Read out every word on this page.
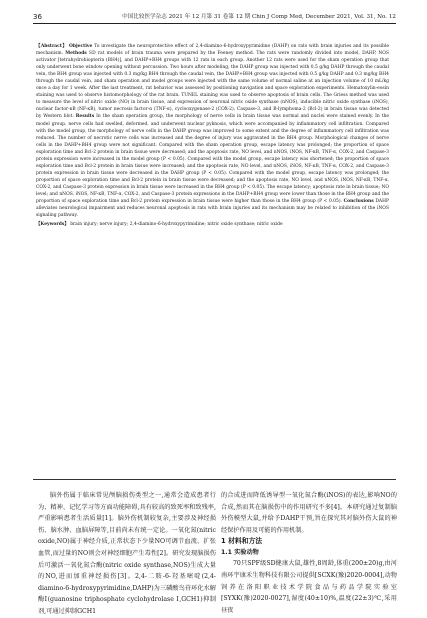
36	中国比较医学杂志 2021 年 12 月第 31 卷第 12 期 Chin J Comp Med, December 2021, Vol. 31, No. 12

【Abstract】 Objective To investigate the neuroprotective effect of 2,4-diamino-6-hydroxypyrimidine (DAHP) on rats with brain injuries and its possible mechanism. Methods SD rat models of brain trauma were prepared by the Feeney method. The rats were randomly divided into model, DAHP, NOS activator [tetrahydrobiopterin (BH4)], and DAHP+BH4 groups with 12 rats in each group. Another 12 rats were used for the sham operation group that only underwent bone window opening without percussion. Two hours after modeling, the DAHP group was injected with 0.5 g/kg DAHP through the caudal vein, the BH4 group was injected with 0.3 mg/kg BH4 through the caudal vein, the DAHP+BH4 group was injected with 0.5 g/kg DAHP and 0.3 mg/kg BH4 through the caudal vein, and sham operation and model groups were injected with the same volume of normal saline at an injection volume of 10 mL/kg once a day for 1 week. After the last treatment, rat behavior was assessed by positioning navigation and space exploration experiments. Hematoxylin-eosin staining was used to observe histomorphology of the rat brain. TUNEL staining was used to observe apoptosis of brain cells. The Griess method was used to measure the level of nitric oxide (NO) in brain tissue, and expression of neuronal nitric oxide synthase (nNOS), inducible nitric oxide synthase (iNOS), nuclear factor-κB (NF-κB), tumor necrosis factor-α (TNF-α), cyclooxygenase-2 (COX-2), Caspase-3, and B-lymphoma-2 (Bcl-2) in brain tissue was detected by Western blot. Results In the sham operation group, the morphology of nerve cells in brain tissue was normal and nuclei were stained evenly. In the model group, nerve cells had swelled, deformed, and underwent nuclear pyknosis, which were accompanied by inflammatory cell infiltration. Compared with the model group, the morphology of nerve cells in the DAHP group was improved to some extent and the degree of inflammatory cell infiltration was reduced. The number of necrotic nerve cells was increased and the degree of injury was aggravated in the BH4 group. Morphological changes of nerve cells in the DAHP+BH4 group were not significant. Compared with the sham operation group, escape latency was prolonged; the proportion of space exploration time and Bcl-2 protein in brain tissue were decreased; and the apoptosis rate, NO level, and nNOS, iNOS, NF-κB, TNF-α, COX-2, and Caspase-3 protein expression were increased in the model group (P < 0.05). Compared with the model group, escape latency was shortened; the proportion of space exploration time and Bcl-2 protein in brain tissue were increased; and the apoptosis rate, NO level, and nNOS, iNOS, NF-κB, TNF-α, COX-2, and Caspase-3 protein expression in brain tissue were decreased in the DAHP group (P < 0.05). Compared with the model group, escape latency was prolonged; the proportion of space exploration time and Bcl-2 protein in brain tissue were decreased; and the apoptosis rate, NO level, and nNOS, iNOS, NF-κB, TNF-α, COX-2, and Caspase-3 protein expression in brain tissue were increased in the BH4 group (P < 0.05). The escape latency; apoptosis rate in brain tissue; NO level; and nNOS, iNOS, NF-κB, TNF-α, COX-2, and Caspase-3 protein expressions in the DAHP+BH4 group were lower than those in the BH4 group and the proportion of space exploration time and Bcl-2 protein expression in brain tissue were higher than those in the BH4 group (P < 0.05). Conclusions DAHP alleviates neurological impairment and reduces neuronal apoptosis in rats with brain injuries and its mechanism may be related to inhibition of the iNOS signaling pathway.

【Keywords】 brain injury; nerve injury; 2,4-diamino-6-hydroxypyrimidine; nitric oxide synthase; nitric oxide

脑外伤属于临床常见颅脑损伤类型之一,通常会造成患者行为、精神、记忆学习等方面功能障碍,具有较高的致死率和致残率,严重影响患者生活质量[1]。脑外伤机制较复杂,主要涉及神经损伤、脑水肿、血脑屏障等,目前尚未有统一定论。一氧化氮(nitric oxide,NO)属于神经介质,正常状态下少量NO可调节血流、扩张血管,而过量的NO则会对神经细胞产生毒性[2]。研究发现脑损伤后可激活一氧化氮合酶(nitric oxide synthase,NOS)生成大量的NO,进而加重神经损伤[3]。2,4-二胺-6-羟基嘧啶(2,4-diamino-6-hydroxypyrimidine,DAHP)为三磷酸鸟苷环化水解酶Ⅰ(guanosine triphosphate cyclohydrolase Ⅰ,GCH1)抑制剂,可通过抑制GCH1

的合成进而降低诱导型一氧化氮合酶(iNOS)的表达,影响NO的合成,然而其在脑损伤中的作用研究不多[4]。本研究通过复制脑外伤模型大鼠,并给予DAHP干预,旨在探究其对脑外伤大鼠的神经保护作用及可能的作用机制。

1 材料和方法
1.1 实验动物

70只SPF级SD健康大鼠,雄性,8周龄,体重(200±20)g,由河南环宇康禾生物科技有限公司提供[SCXK(豫)2020-0004],动物饲养在洛阳职业技术学院食品与药品学院实验室[SYXK(豫)2020-0027],湿度(40±10)%,温度(22±3)℃,采用昼夜
